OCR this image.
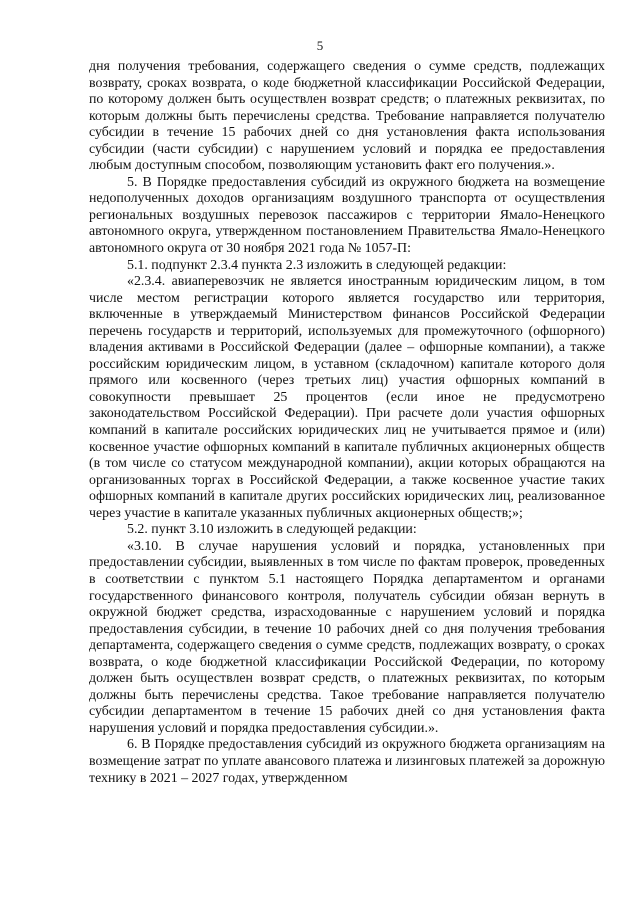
5

дня получения требования, содержащего сведения о сумме средств, подлежащих возврату, сроках возврата, о коде бюджетной классификации Российской Федерации, по которому должен быть осуществлен возврат средств; о платежных реквизитах, по которым должны быть перечислены средства. Требование направляется получателю субсидии в течение 15 рабочих дней со дня установления факта использования субсидии (части субсидии) с нарушением условий и порядка ее предоставления любым доступным способом, позволяющим установить факт его получения.».

5. В Порядке предоставления субсидий из окружного бюджета на возмещение недополученных доходов организациям воздушного транспорта от осуществления региональных воздушных перевозок пассажиров с территории Ямало-Ненецкого автономного округа, утвержденном постановлением Правительства Ямало-Ненецкого автономного округа от 30 ноября 2021 года № 1057-П:

5.1. подпункт 2.3.4 пункта 2.3 изложить в следующей редакции:

«2.3.4. авиаперевозчик не является иностранным юридическим лицом, в том числе местом регистрации которого является государство или территория, включенные в утверждаемый Министерством финансов Российской Федерации перечень государств и территорий, используемых для промежуточного (офшорного) владения активами в Российской Федерации (далее – офшорные компании), а также российским юридическим лицом, в уставном (складочном) капитале которого доля прямого или косвенного (через третьих лиц) участия офшорных компаний в совокупности превышает 25 процентов (если иное не предусмотрено законодательством Российской Федерации). При расчете доли участия офшорных компаний в капитале российских юридических лиц не учитывается прямое и (или) косвенное участие офшорных компаний в капитале публичных акционерных обществ (в том числе со статусом международной компании), акции которых обращаются на организованных торгах в Российской Федерации, а также косвенное участие таких офшорных компаний в капитале других российских юридических лиц, реализованное через участие в капитале указанных публичных акционерных обществ;»;

5.2. пункт 3.10 изложить в следующей редакции:

«3.10. В случае нарушения условий и порядка, установленных при предоставлении субсидии, выявленных в том числе по фактам проверок, проведенных в соответствии с пунктом 5.1 настоящего Порядка департаментом и органами государственного финансового контроля, получатель субсидии обязан вернуть в окружной бюджет средства, израсходованные с нарушением условий и порядка предоставления субсидии, в течение 10 рабочих дней со дня получения требования департамента, содержащего сведения о сумме средств, подлежащих возврату, о сроках возврата, о коде бюджетной классификации Российской Федерации, по которому должен быть осуществлен возврат средств, о платежных реквизитах, по которым должны быть перечислены средства. Такое требование направляется получателю субсидии департаментом в течение 15 рабочих дней со дня установления факта нарушения условий и порядка предоставления субсидии.».

6. В Порядке предоставления субсидий из окружного бюджета организациям на возмещение затрат по уплате авансового платежа и лизинговых платежей за дорожную технику в 2021 – 2027 годах, утвержденном
